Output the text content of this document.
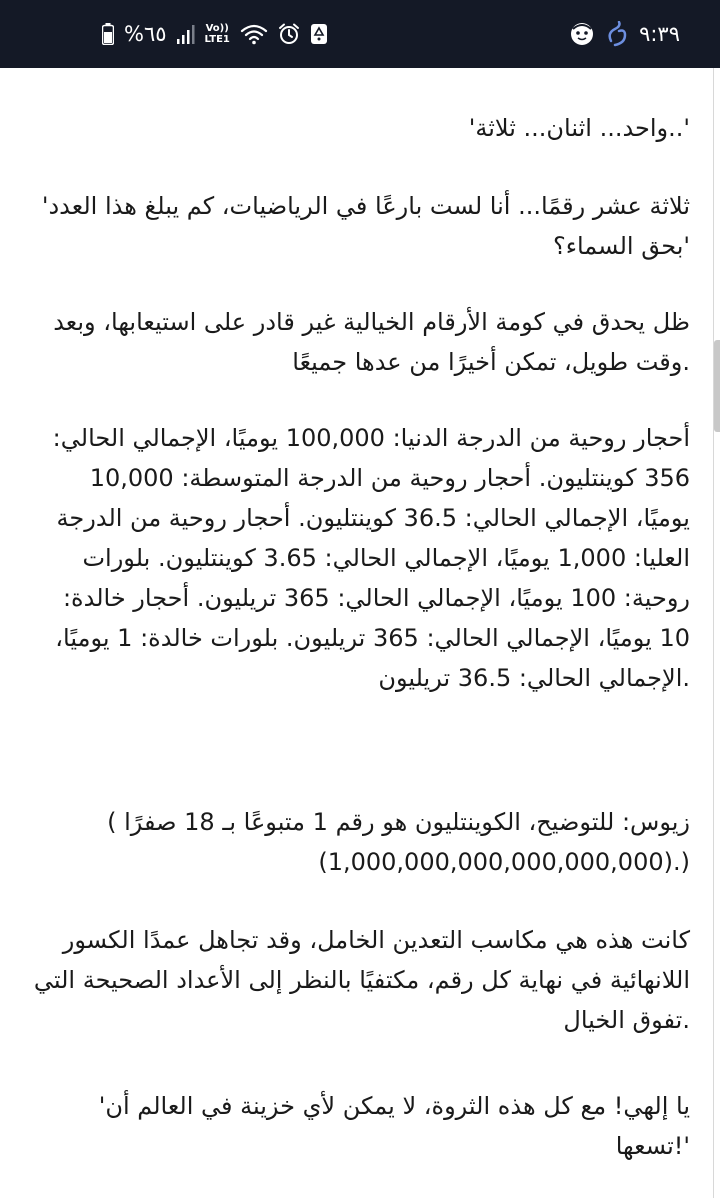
%٦٥	Vo))
LTE1	٩:٣٩

'واحد... اثنان... ثلاثة..'

'ثلاثة عشر رقمًا... أنا لست بارعًا في الرياضيات، كم يبلغ هذا العدد بحق السماء؟'

ظل يحدق في كومة الأرقام الخيالية غير قادر على استيعابها، وبعد وقت طويل، تمكن أخيرًا من عدها جميعًا.

أحجار روحية من الدرجة الدنيا: 100,000 يوميًا، الإجمالي الحالي: 356 كوينتليون. أحجار روحية من الدرجة المتوسطة: 10,000 يوميًا، الإجمالي الحالي: 36.5 كوينتليون. أحجار روحية من الدرجة العليا: 1,000 يوميًا، الإجمالي الحالي: 3.65 كوينتليون. بلورات روحية: 100 يوميًا، الإجمالي الحالي: 365 تريليون. أحجار خالدة: 10 يوميًا، الإجمالي الحالي: 365 تريليون. بلورات خالدة: 1 يوميًا، الإجمالي الحالي: 36.5 تريليون.

( زيوس: للتوضيح، الكوينتليون هو رقم 1 متبوعًا بـ 18 صفرًا (1,000,000,000,000,000,000).)

كانت هذه هي مكاسب التعدين الخامل، وقد تجاهل عمدًا الكسور اللانهائية في نهاية كل رقم، مكتفيًا بالنظر إلى الأعداد الصحيحة التي تفوق الخيال.

'يا إلهي! مع كل هذه الثروة، لا يمكن لأي خزينة في العالم أن تسعها!'
